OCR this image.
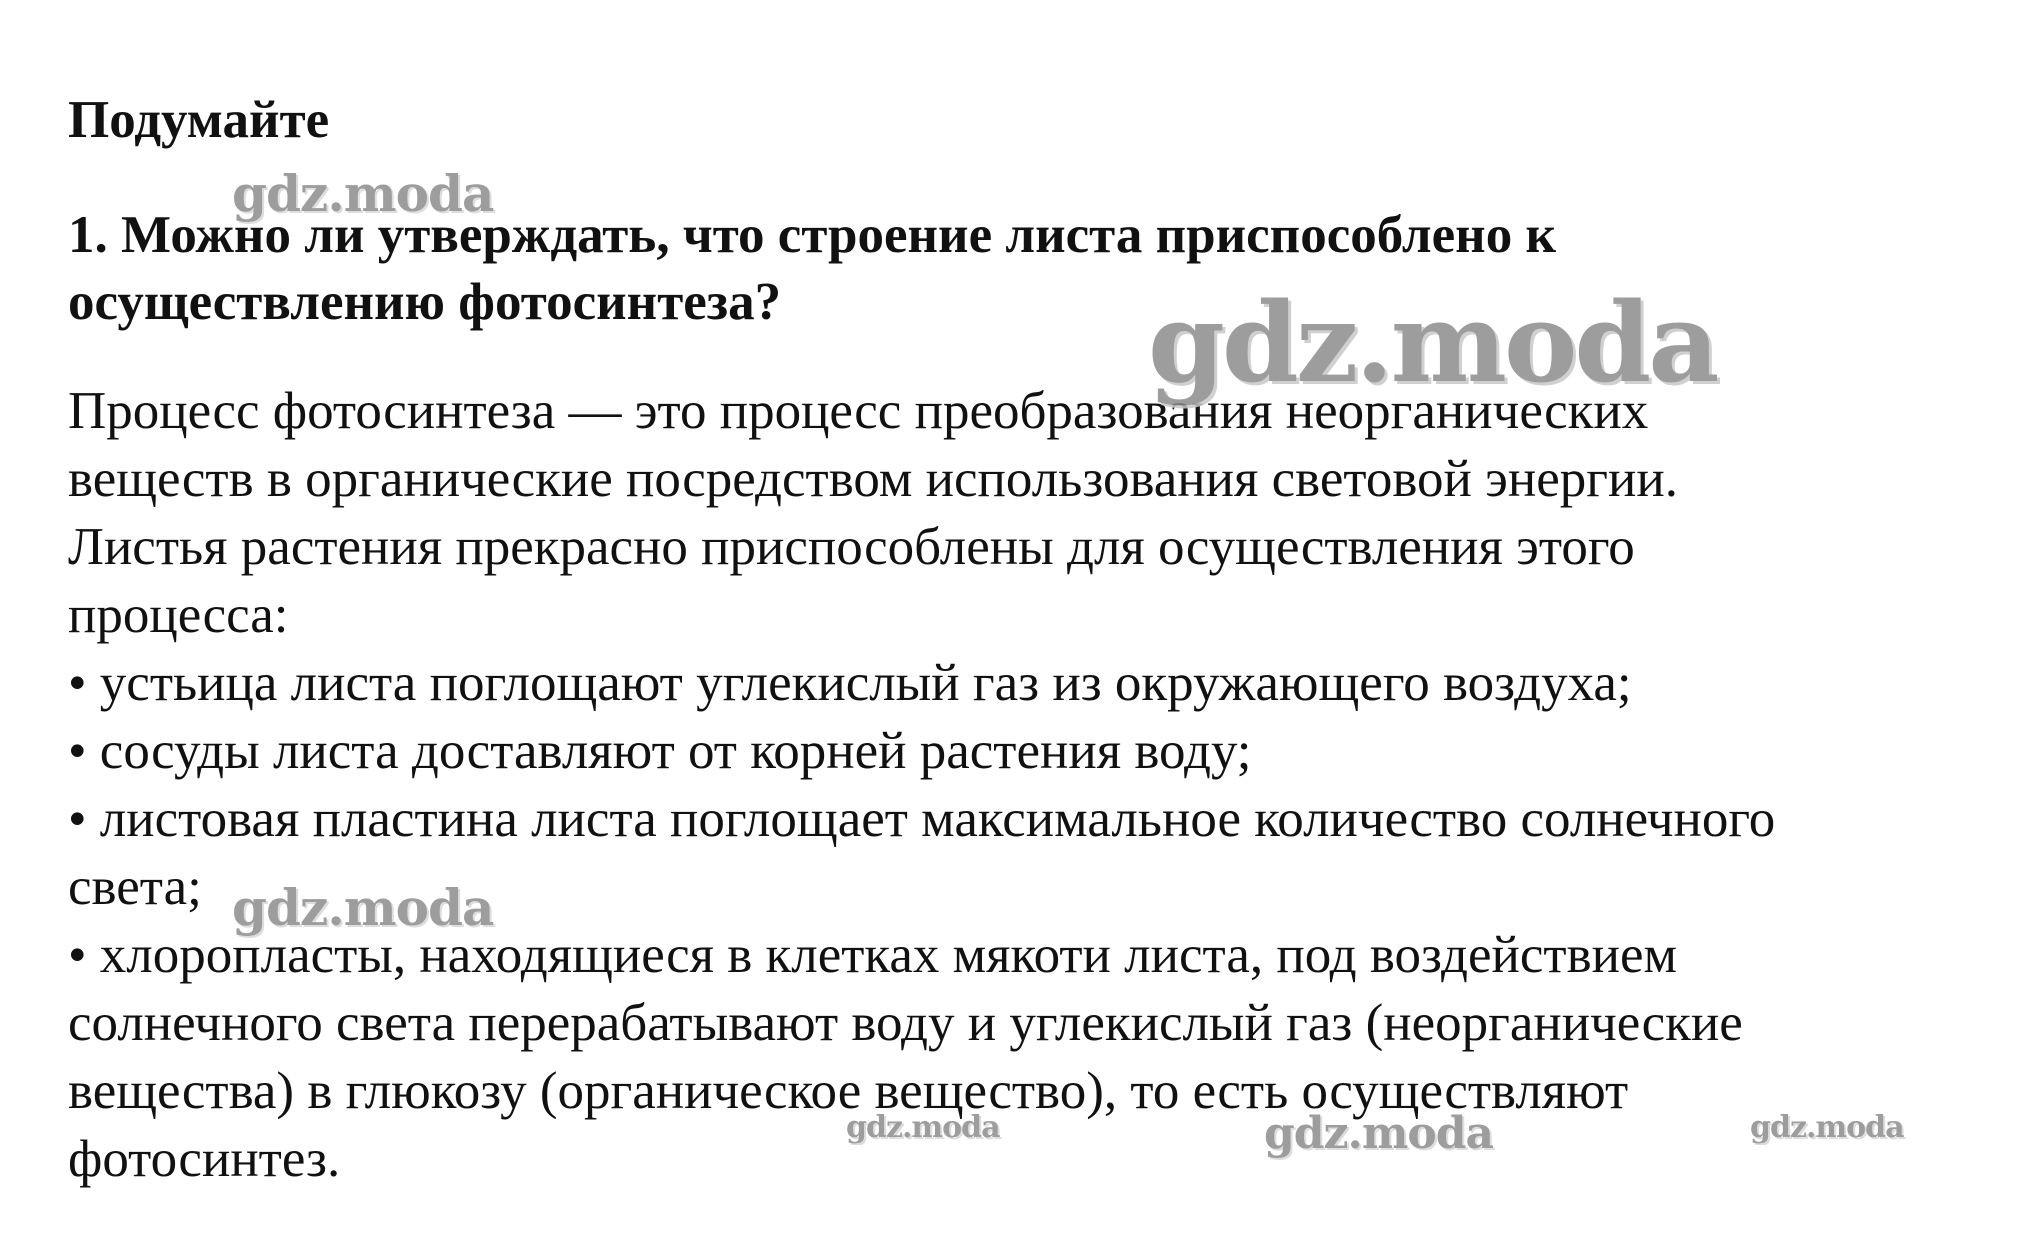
Подумайте
1. Можно ли утверждать, что строение листа приспособлено к
осуществлению фотосинтеза?
Процесс фотосинтеза — это процесс преобразования неорганических
веществ в органические посредством использования световой энергии.
Листья растения прекрасно приспособлены для осуществления этого
процесса:
• устьица листа поглощают углекислый газ из окружающего воздуха;
• сосуды листа доставляют от корней растения воду;
• листовая пластина листа поглощает максимальное количество солнечного
света;
• хлоропласты, находящиеся в клетках мякоти листа, под воздействием
солнечного света перерабатывают воду и углекислый газ (неорганические
вещества) в глюкозу (органическое вещество), то есть осуществляют
фотосинтез.
gdz.moda
gdz.moda
gdz.moda
gdz.moda	gdz.moda	gdz.moda
